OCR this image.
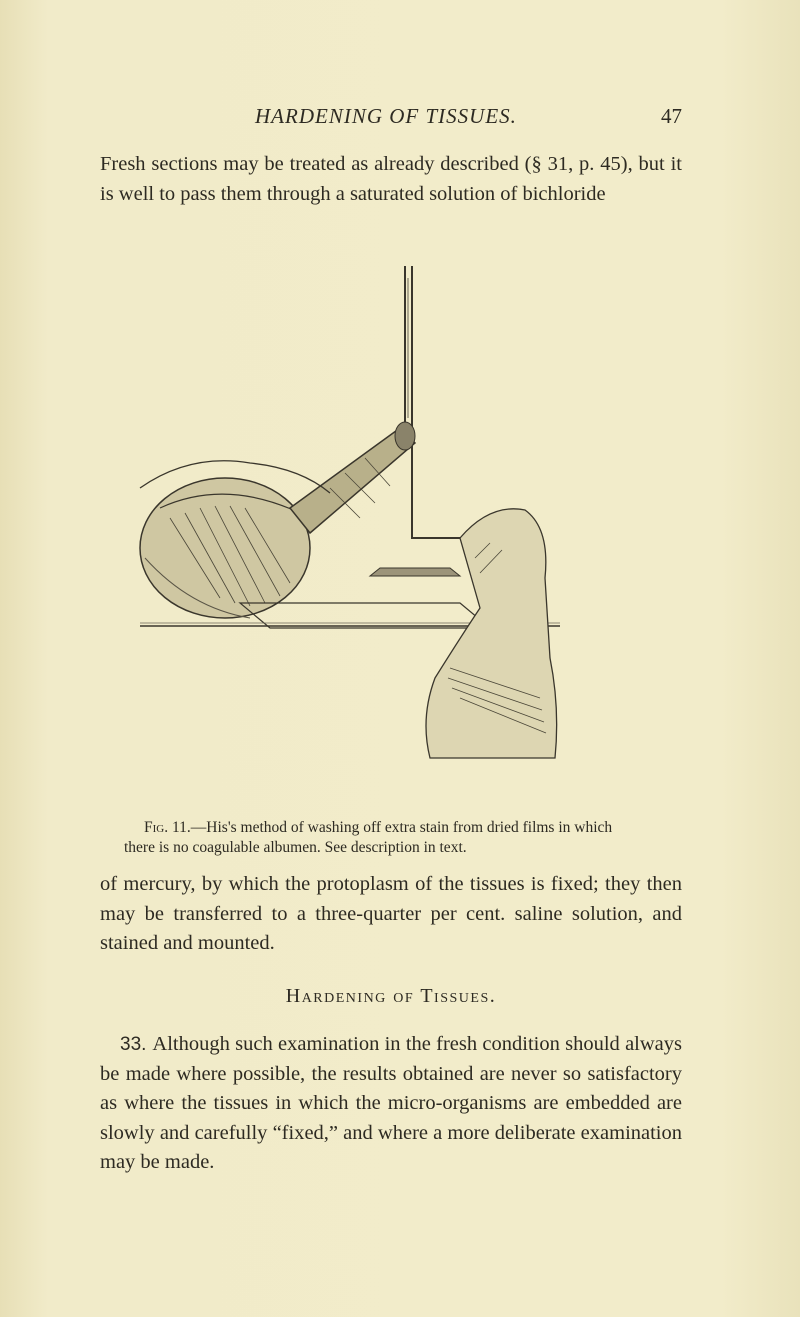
HARDENING OF TISSUES.	47

Fresh sections may be treated as already described (§ 31, p. 45), but it is well to pass them through a saturated solution of bichloride

Fig. 11.—His's method of washing off extra stain from dried films in which there is no coagulable albumen. See description in text.

of mercury, by which the protoplasm of the tissues is fixed; they then may be transferred to a three-quarter per cent. saline solution, and stained and mounted.

Hardening of Tissues.

33. Although such examination in the fresh condition should always be made where possible, the results obtained are never so satisfactory as where the tissues in which the micro-organisms are embedded are slowly and carefully “fixed,” and where a more deliberate examination may be made.
